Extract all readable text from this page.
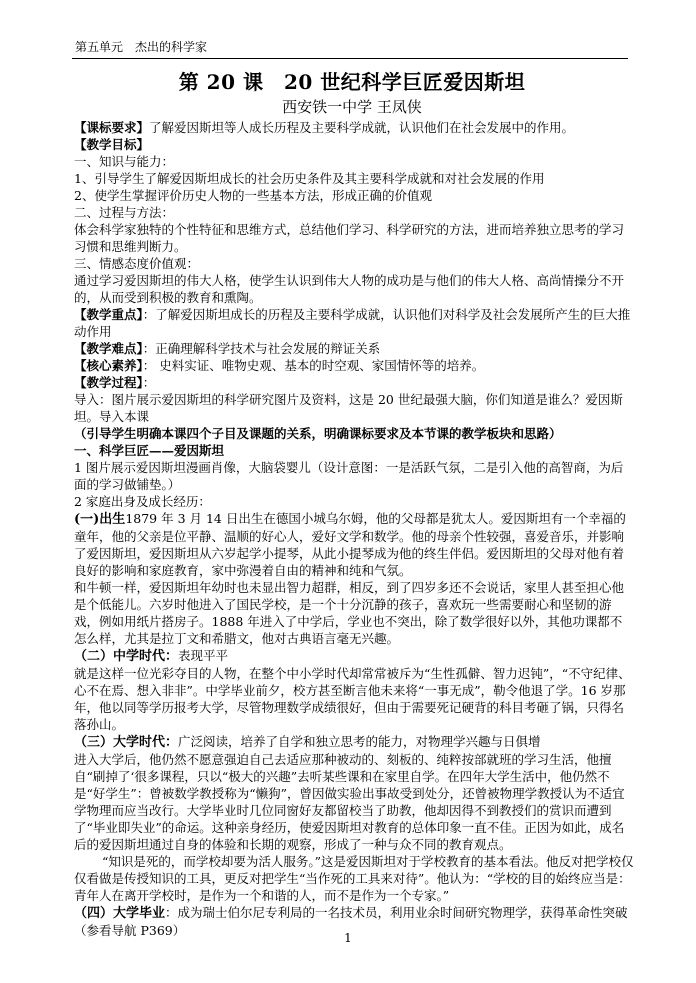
第五单元　杰出的科学家
第 20 课　20 世纪科学巨匠爱因斯坦
西安铁一中学 王凤侠

【课标要求】了解爱因斯坦等人成长历程及主要科学成就，认识他们在社会发展中的作用。

【教学目标】

一、知识与能力：

1、引导学生了解爱因斯坦成长的社会历史条件及其主要科学成就和对社会发展的作用

2、使学生掌握评价历史人物的一些基本方法，形成正确的价值观

二、过程与方法：

体会科学家独特的个性特征和思维方式，总结他们学习、科学研究的方法，进而培养独立思考的学习习惯和思维判断力。

三、情感态度价值观：

通过学习爱因斯坦的伟大人格，使学生认识到伟大人物的成功是与他们的伟大人格、高尚情操分不开的，从而受到积极的教育和熏陶。

【教学重点】：了解爱因斯坦成长的历程及主要科学成就，认识他们对科学及社会发展所产生的巨大推动作用

【教学难点】：正确理解科学技术与社会发展的辩证关系

【核心素养】： 史料实证、唯物史观、基本的时空观、家国情怀等的培养。

【教学过程】：

导入：图片展示爱因斯坦的科学研究图片及资料，这是 20 世纪最强大脑，你们知道是谁么？爱因斯坦。导入本课

（引导学生明确本课四个子目及课题的关系，明确课标要求及本节课的教学板块和思路）

一、科学巨匠——爱因斯坦

1 图片展示爱因斯坦漫画肖像，大脑袋婴儿（设计意图：一是活跃气氛，二是引入他的高智商，为后面的学习做铺垫。）

2 家庭出身及成长经历：

(一)出生1879 年 3 月 14 日出生在德国小城乌尔姆，他的父母都是犹太人。爱因斯坦有一个幸福的童年，他的父亲是位平静、温顺的好心人，爱好文学和数学。他的母亲个性较强，喜爱音乐，并影响了爱因斯坦，爱因斯坦从六岁起学小提琴，从此小提琴成为他的终生伴侣。爱因斯坦的父母对他有着良好的影响和家庭教育，家中弥漫着自由的精神和纯和气氛。

和牛顿一样，爱因斯坦年幼时也未显出智力超群，相反，到了四岁多还不会说话，家里人甚至担心他是个低能儿。六岁时他进入了国民学校，是一个十分沉静的孩子，喜欢玩一些需要耐心和坚韧的游戏，例如用纸片搭房子。1888 年进入了中学后，学业也不突出，除了数学很好以外，其他功课都不怎么样，尤其是拉丁文和希腊文，他对古典语言毫无兴趣。

（二）中学时代：表现平平

就是这样一位光彩夺目的人物，在整个中小学时代却常常被斥为“生性孤僻、智力迟钝”，“不守纪律、心不在焉、想入非非”。中学毕业前夕，校方甚至断言他未来将“一事无成”，勒令他退了学。16 岁那年，他以同等学历报考大学，尽管物理数学成绩很好，但由于需要死记硬背的科目考砸了锅，只得名落孙山。

（三）大学时代：广泛阅读，培养了自学和独立思考的能力，对物理学兴趣与日俱增

进入大学后，他仍然不愿意强迫自己去适应那种被动的、刻板的、纯粹按部就班的学习生活，他擅自“刷掉了‘很多课程，只以“极大的兴趣”去听某些课和在家里自学。在四年大学生活中，他仍然不是“好学生”：曾被数学教授称为“懒狗”，曾因做实验出事故受到处分，还曾被物理学教授认为不适宜学物理而应当改行。大学毕业时几位同窗好友都留校当了助教，他却因得不到教授们的赏识而遭到了“毕业即失业”的命运。这种亲身经历，使爱因斯坦对教育的总体印象一直不佳。正因为如此，成名后的爱因斯坦通过自身的体验和长期的观察，形成了一种与众不同的教育观点。

“知识是死的，而学校却要为活人服务。”这是爱因斯坦对于学校教育的基本看法。他反对把学校仅仅看做是传授知识的工具，更反对把学生“当作死的工具来对待”。他认为：“学校的目的始终应当是：青年人在离开学校时，是作为一个和谐的人，而不是作为一个专家。”

（四）大学毕业：成为瑞士伯尔尼专利局的一名技术员，利用业余时间研究物理学，获得革命性突破（参看导航 P369）	1
